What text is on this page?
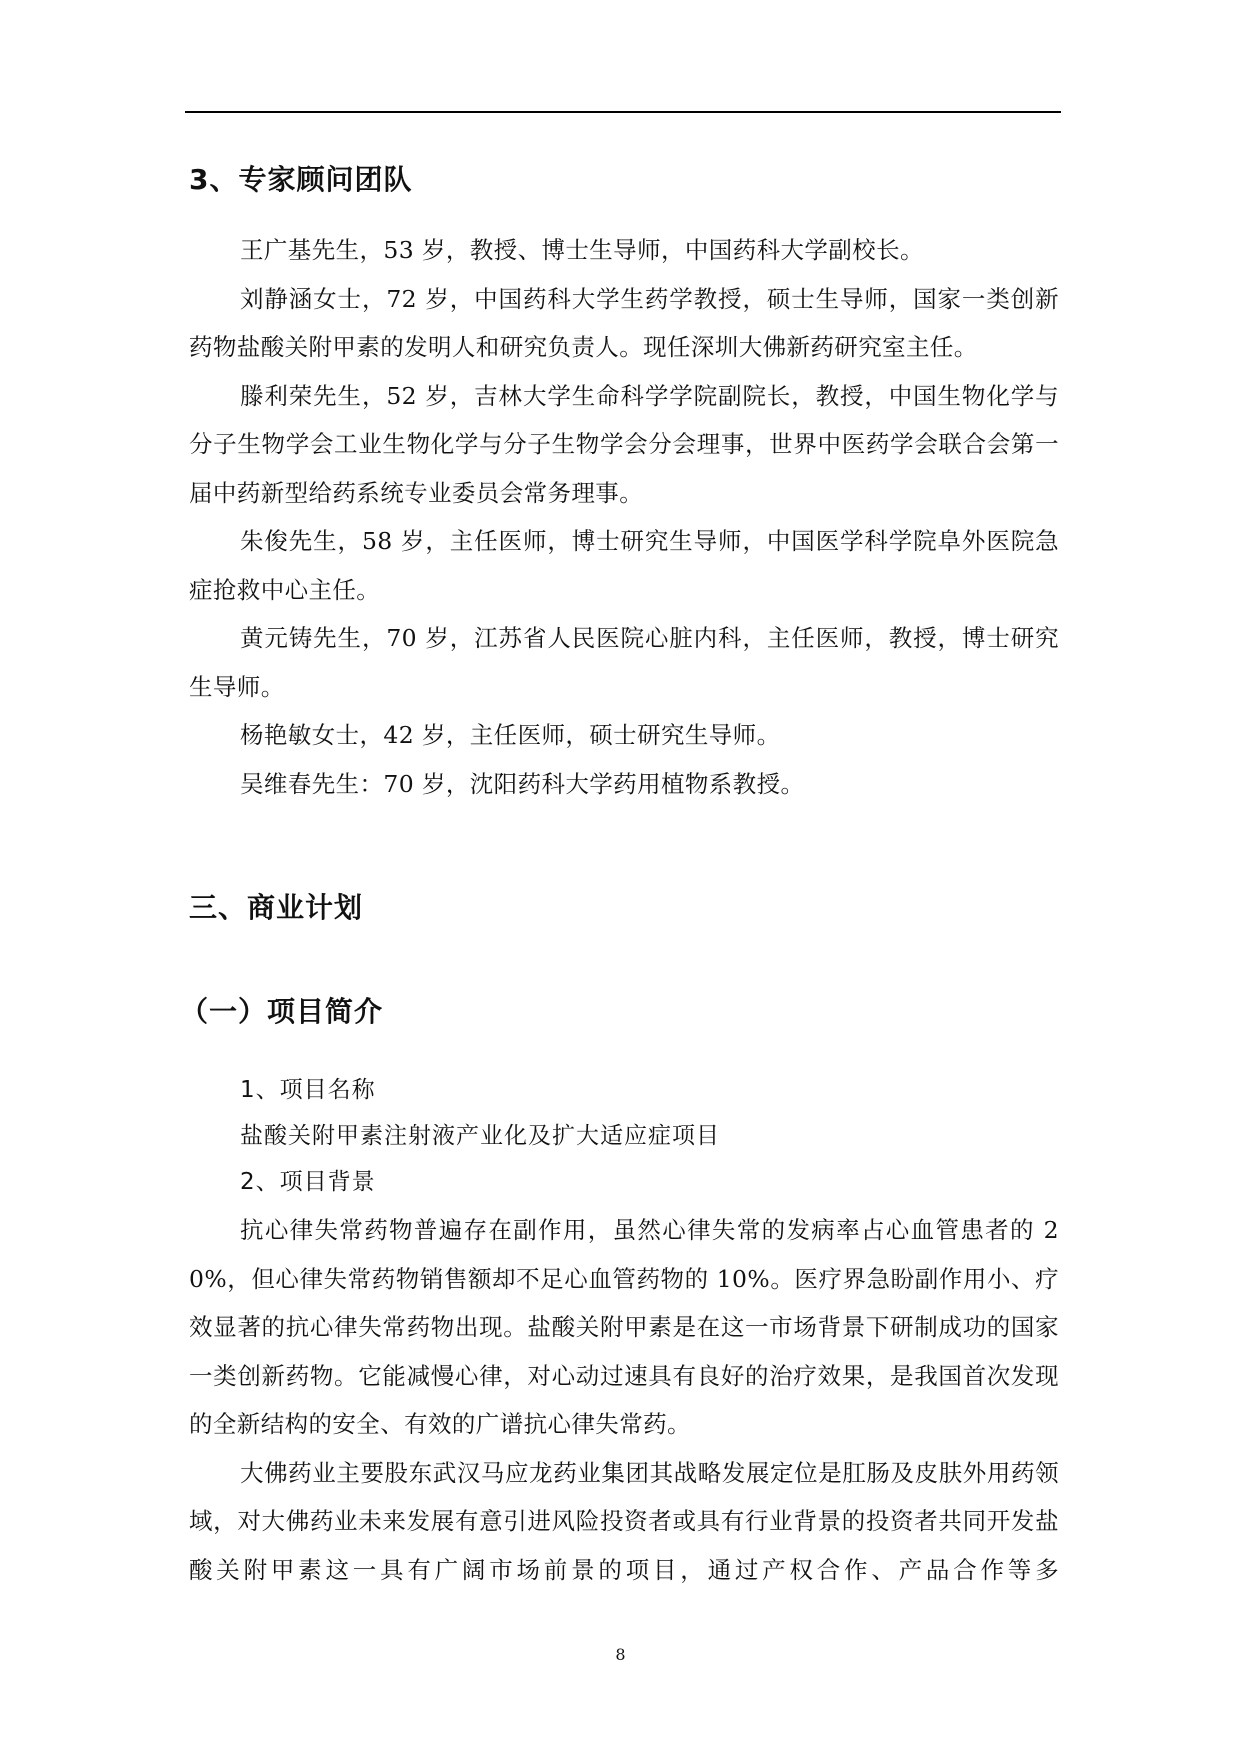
3、专家顾问团队

王广基先生，53 岁，教授、博士生导师，中国药科大学副校长。

刘静涵女士，72 岁，中国药科大学生药学教授，硕士生导师，国家一类创新药物盐酸关附甲素的发明人和研究负责人。现任深圳大佛新药研究室主任。

滕利荣先生，52 岁，吉林大学生命科学学院副院长，教授，中国生物化学与分子生物学会工业生物化学与分子生物学会分会理事，世界中医药学会联合会第一届中药新型给药系统专业委员会常务理事。

朱俊先生，58 岁，主任医师，博士研究生导师，中国医学科学院阜外医院急症抢救中心主任。

黄元铸先生，70 岁，江苏省人民医院心脏内科，主任医师，教授，博士研究生导师。

杨艳敏女士，42 岁，主任医师，硕士研究生导师。

吴维春先生：70 岁，沈阳药科大学药用植物系教授。

三、商业计划
（一）项目简介

1、项目名称

盐酸关附甲素注射液产业化及扩大适应症项目

2、项目背景

抗心律失常药物普遍存在副作用，虽然心律失常的发病率占心血管患者的 20%，但心律失常药物销售额却不足心血管药物的 10%。医疗界急盼副作用小、疗效显著的抗心律失常药物出现。盐酸关附甲素是在这一市场背景下研制成功的国家一类创新药物。它能减慢心律，对心动过速具有良好的治疗效果，是我国首次发现的全新结构的安全、有效的广谱抗心律失常药。

大佛药业主要股东武汉马应龙药业集团其战略发展定位是肛肠及皮肤外用药领域，对大佛药业未来发展有意引进风险投资者或具有行业背景的投资者共同开发盐酸关附甲素这一具有广阔市场前景的项目，通过产权合作、产品合作等多

8
